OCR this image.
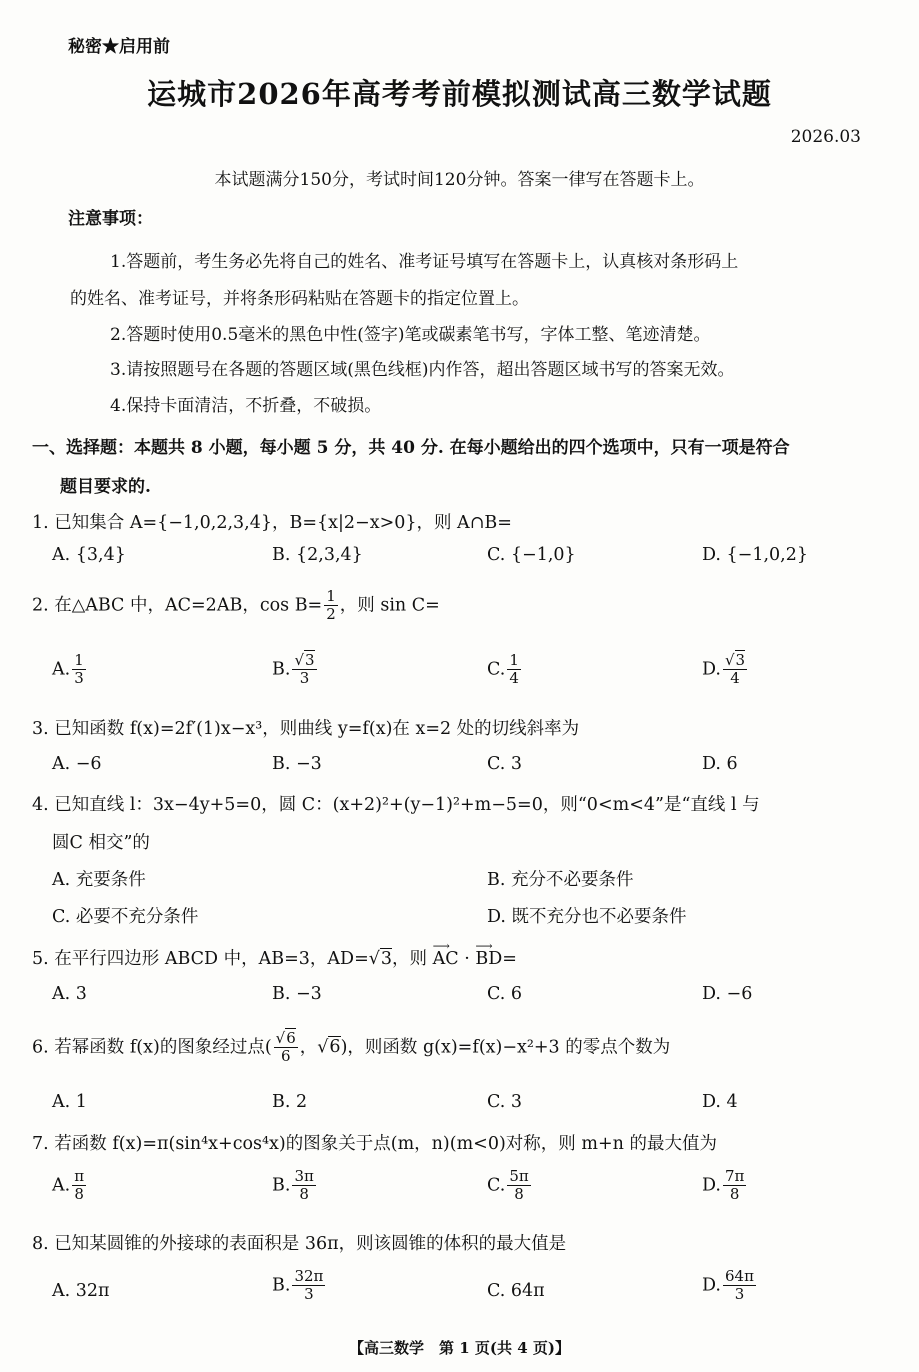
秘密★启用前
运城市2026年高考考前模拟测试高三数学试题
2026.03
本试题满分150分，考试时间120分钟。答案一律写在答题卡上。
注意事项：
1.答题前，考生务必先将自己的姓名、准考证号填写在答题卡上，认真核对条形码上
的姓名、准考证号，并将条形码粘贴在答题卡的指定位置上。
2.答题时使用0.5毫米的黑色中性(签字)笔或碳素笔书写，字体工整、笔迹清楚。
3.请按照题号在各题的答题区域(黑色线框)内作答，超出答题区域书写的答案无效。
4.保持卡面清洁，不折叠，不破损。
一、选择题：本题共 8 小题，每小题 5 分，共 40 分. 在每小题给出的四个选项中，只有一项是符合
题目要求的.
1. 已知集合 A={−1,0,2,3,4}，B={x|2−x>0}，则 A∩B=
A. {3,4}	B. {2,3,4}	C. {−1,0}	D. {−1,0,2}
2. 在△ABC 中，AC=2AB，$\cos B= \frac{1}{2}$ ，则 sin C=
A. $\frac{1}{3}$	B. $\frac{√3}{3}$	C. $\frac{1}{4}$	D. $\frac{√3}{4}$
3. 已知函数 f(x)=2f′(1)x−x³，则曲线 y=f(x)在 x=2 处的切线斜率为
A. −6	B. −3	C. 3	D. 6
4. 已知直线 l：3x−4y+5=0，圆 C：(x+2)²+(y−1)²+m−5=0，则“0<m<4”是“直线 l 与
圆C 相交”的
A. 充要条件	B. 充分不必要条件
C. 必要不充分条件	D. 既不充分也不必要条件
5. 在平行四边形 ABCD 中，AB=3，AD=√3，则
⟶
AC ·
⟶
BD=
A. 3	B. −3	C. 6	D. −6
6. 若幂函数 f(x)的图象经过点( $\frac{√6}{6}$ ，√6)，则函数 g(x)=f(x)−x²+3 的零点个数为
A. 1	B. 2	C. 3	D. 4
7. 若函数 f(x)=π(sin⁴x+cos⁴x)的图象关于点(m，n)(m<0)对称，则 m+n 的最大值为
A. $\frac{\pi}{8}$	B. $\frac{3\pi}{8}$	C. $\frac{5\pi}{8}$	D. $\frac{7\pi}{8}$
8. 已知某圆锥的外接球的表面积是 36π，则该圆锥的体积的最大值是
A. 32π	B. $\frac{32\pi}{3}$	C. 64π	D. $\frac{64\pi}{3}$
【高三数学　第 1 页(共 4 页)】
